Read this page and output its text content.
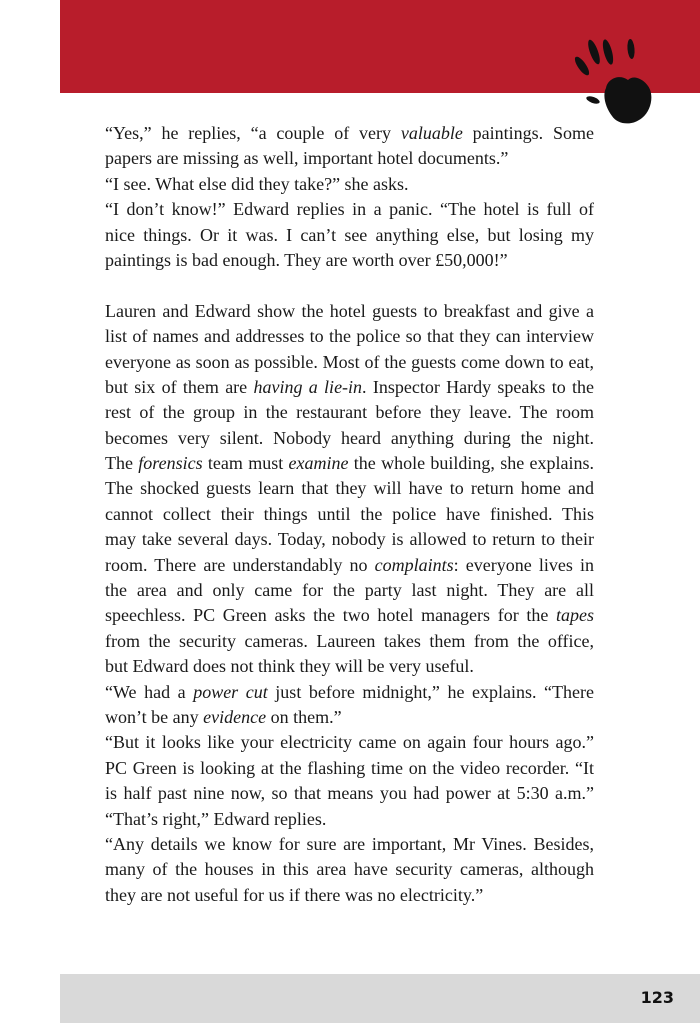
“Yes,” he replies, “a couple of very valuable paintings. Some
papers are missing as well, important hotel documents.”
“I see. What else did they take?” she asks.
“I don’t know!” Edward replies in a panic. “The hotel is full of
nice things. Or it was. I can’t see anything else, but losing my
paintings is bad enough. They are worth over £50,000!”
Lauren and Edward show the hotel guests to breakfast and give a
list of names and addresses to the police so that they can interview
everyone as soon as possible. Most of the guests come down to eat,
but six of them are having a lie-in. Inspector Hardy speaks to the
rest of the group in the restaurant before they leave. The room
becomes very silent. Nobody heard anything during the night.
The forensics team must examine the whole building, she explains.
The shocked guests learn that they will have to return home and
cannot collect their things until the police have finished. This
may take several days. Today, nobody is allowed to return to their
room. There are understandably no complaints: everyone lives in
the area and only came for the party last night. They are all
speechless. PC Green asks the two hotel managers for the tapes
from the security cameras. Laureen takes them from the office,
but Edward does not think they will be very useful.
“We had a power cut just before midnight,” he explains. “There
won’t be any evidence on them.”
“But it looks like your electricity came on again four hours ago.”
PC Green is looking at the flashing time on the video recorder. “It
is half past nine now, so that means you had power at 5:30 a.m.”
“That’s right,” Edward replies.
“Any details we know for sure are important, Mr Vines. Besides,
many of the houses in this area have security cameras, although
they are not useful for us if there was no electricity.”
123
